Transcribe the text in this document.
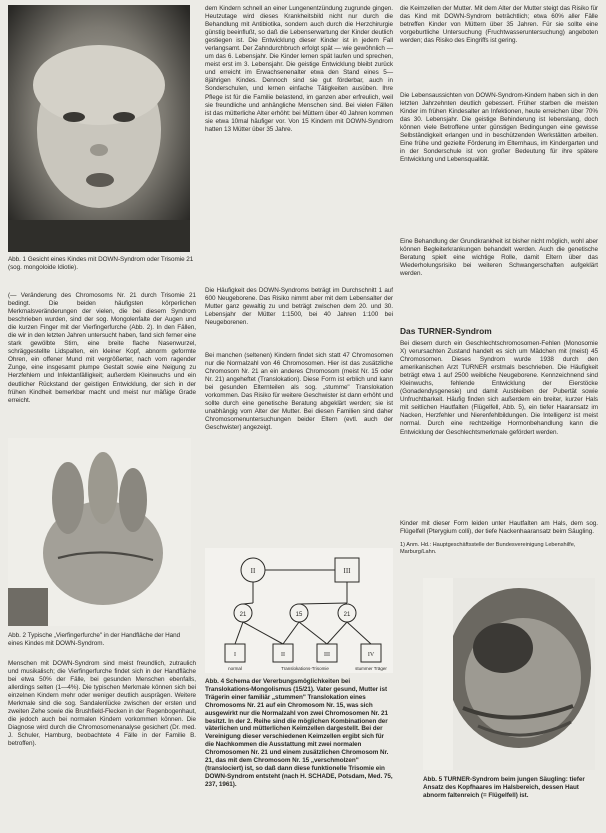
Abb. 1 Gesicht eines Kindes mit DOWN-Syndrom oder Trisomie 21 (sog. mongoloide Idiotie).

(— Veränderung des Chromosoms Nr. 21 durch Trisomie 21 bedingt. Die beiden häufigsten körperlichen Merkmalsveränderungen der vielen, die bei diesem Syndrom beschrieben wurden, sind der sog. Mongolenfalte der Augen und die kurzen Finger mit der Vierfingerfurche (Abb. 2). In den Fällen, die wir in den letzten Jahren untersucht haben, fand sich ferner eine stark gewölbte Stirn, eine breite flache Nasenwurzel, schräggestellte Lidspalten, ein kleiner Kopf, abnorm geformte Ohren, ein offener Mund mit vergrößerter, nach vorn ragender Zunge, eine insgesamt plumpe Gestalt sowie eine Neigung zu Herzfehlern und Infektanfälligkeit; außerdem Kleinwuchs und ein deutlicher Rückstand der geistigen Entwicklung, der sich in der frühen Kindheit bemerkbar macht und meist nur mäßige Grade erreicht.

Abb. 2 Typische „Vierfingerfurche" in der Handfläche der Hand eines Kindes mit DOWN-Syndrom.

Menschen mit DOWN-Syndrom sind meist freundlich, zutraulich und musikalisch; die Vierfingerfurche findet sich in der Handfläche bei etwa 50% der Fälle, bei gesunden Menschen ebenfalls, allerdings selten (1—4%). Die typischen Merkmale können sich bei einzelnen Kindern mehr oder weniger deutlich ausprägen. Weitere Merkmale sind die sog. Sandalenlücke zwischen der ersten und zweiten Zehe sowie die Brushfield-Flecken in der Regenbogenhaut, die jedoch auch bei normalen Kindern vorkommen können. Die Diagnose wird durch die Chromosomenanalyse gesichert (Dr. med. J. Schuler, Hamburg, beobachtete 4 Fälle in der Familie B. betroffen).

dem Kindern schnell an einer Lungenentzündung zugrunde gingen. Heutzutage wird dieses Krankheitsbild nicht nur durch die Behandlung mit Antibiotika, sondern auch durch die Herzchirurgie günstig beeinflußt, so daß die Lebenserwartung der Kinder deutlich gestiegen ist. Die Entwicklung dieser Kinder ist in jedem Fall verlangsamt. Der Zahndurchbruch erfolgt spät — wie gewöhnlich — um das 6. Lebensjahr. Die Kinder lernen spät laufen und sprechen, meist erst im 3. Lebensjahr. Die geistige Entwicklung bleibt zurück und erreicht im Erwachsenenalter etwa den Stand eines 5—8jährigen Kindes. Dennoch sind sie gut förderbar, auch in Sonderschulen, und lernen einfache Tätigkeiten ausüben. Ihre Pflege ist für die Familie belastend, im ganzen aber erfreulich, weil sie freundliche und anhängliche Menschen sind. Bei vielen Fällen ist das mütterliche Alter erhöht: bei Müttern über 40 Jahren kommen sie etwa 10mal häufiger vor. Von 15 Kindern mit DOWN-Syndrom hatten 13 Mütter über 35 Jahre.

Die Häufigkeit des DOWN-Syndroms beträgt im Durchschnitt 1 auf 600 Neugeborene. Das Risiko nimmt aber mit dem Lebensalter der Mutter ganz gewaltig zu und beträgt zwischen dem 20. und 30. Lebensjahr der Mütter 1:1500, bei 40 Jahren 1:100 bei Neugeborenen.

Bei manchen (seltenen) Kindern findet sich statt 47 Chromosomen nur die Normalzahl von 46 Chromosomen. Hier ist das zusätzliche Chromosom Nr. 21 an ein anderes Chromosom (meist Nr. 15 oder Nr. 21) angeheftet (Translokation). Diese Form ist erblich und kann bei gesunden Elternteilen als sog. „stumme" Translokation vorkommen. Das Risiko für weitere Geschwister ist dann erhöht und sollte durch eine genetische Beratung abgeklärt werden; sie ist unabhängig vom Alter der Mutter. Bei diesen Familien sind daher Chromosomenuntersuchungen beider Eltern (evtl. auch der Geschwister) angezeigt.

II	III
21	15	21
I	II	III	IV
normal	Translokations-Trisomie	stummer Träger

Abb. 4 Schema der Vererbungsmöglichkeiten bei Translokations-Mongolismus (15/21). Vater gesund, Mutter ist Trägerin einer familiär „stummen" Translokation eines Chromosoms Nr. 21 auf ein Chromosom Nr. 15, was sich ausgewirkt nur die Normalzahl von zwei Chromosomen Nr. 21 besitzt. In der 2. Reihe sind die möglichen Kombinationen der väterlichen und mütterlichen Keimzellen dargestellt. Bei der Vereinigung dieser verschiedenen Keimzellen ergibt sich für die Nachkommen die Ausstattung mit zwei normalen Chromosomen Nr. 21 und einem zusätzlichen Chromosom Nr. 21, das mit dem Chromosom Nr. 15 „verschmolzen" (translociert) ist, so daß dann diese funktionelle Trisomie ein DOWN-Syndrom entsteht (nach H. SCHADE, Potsdam, Med. 75, 237, 1961).

die Keimzellen der Mutter. Mit dem Alter der Mutter steigt das Risiko für das Kind mit DOWN-Syndrom beträchtlich; etwa 60% aller Fälle betreffen Kinder von Müttern über 35 Jahren. Für sie sollte eine vorgeburtliche Untersuchung (Fruchtwasseruntersuchung) angeboten werden; das Risiko des Eingriffs ist gering.

Die Lebensaussichten von DOWN-Syndrom-Kindern haben sich in den letzten Jahrzehnten deutlich gebessert. Früher starben die meisten Kinder im frühen Kindesalter an Infektionen, heute erreichen über 70% das 30. Lebensjahr. Die geistige Behinderung ist lebenslang, doch können viele Betroffene unter günstigen Bedingungen eine gewisse Selbständigkeit erlangen und in beschützenden Werkstätten arbeiten. Eine frühe und gezielte Förderung im Elternhaus, im Kindergarten und in der Sonderschule ist von großer Bedeutung für ihre spätere Entwicklung und Lebensqualität.

Eine Behandlung der Grundkrankheit ist bisher nicht möglich, wohl aber können Begleiterkrankungen behandelt werden. Auch die genetische Beratung spielt eine wichtige Rolle, damit Eltern über das Wiederholungsrisiko bei weiteren Schwangerschaften aufgeklärt werden.

Das TURNER-Syndrom

Bei diesem durch ein Geschlechtschromosomen-Fehlen (Monosomie X) verursachten Zustand handelt es sich um Mädchen mit (meist) 45 Chromosomen. Dieses Syndrom wurde 1938 durch den amerikanischen Arzt TURNER erstmals beschrieben. Die Häufigkeit beträgt etwa 1 auf 2500 weibliche Neugeborene. Kennzeichnend sind Kleinwuchs, fehlende Entwicklung der Eierstöcke (Gonadendysgenesie) und damit Ausbleiben der Pubertät sowie Unfruchtbarkeit. Häufig finden sich außerdem ein breiter, kurzer Hals mit seitlichen Hautfalten (Flügelfell, Abb. 5), ein tiefer Haaransatz im Nacken, Herzfehler und Nierenfehlbildungen. Die Intelligenz ist meist normal. Durch eine rechtzeitige Hormonbehandlung kann die Entwicklung der Geschlechtsmerkmale gefördert werden.

Kinder mit dieser Form leiden unter Hautfalten am Hals, dem sog. Flügelfell (Pterygium colli), der tiefe Nackenhaaransatz beim Säugling.

1) Anm. Hd.: Hauptgeschäftsstelle der Bundesvereinigung Lebenshilfe, Marburg/Lahn.

Abb. 5 TURNER-Syndrom beim jungen Säugling: tiefer Ansatz des Kopfhaares im Halsbereich, dessen Haut abnorm faltenreich (= Flügelfell) ist.
